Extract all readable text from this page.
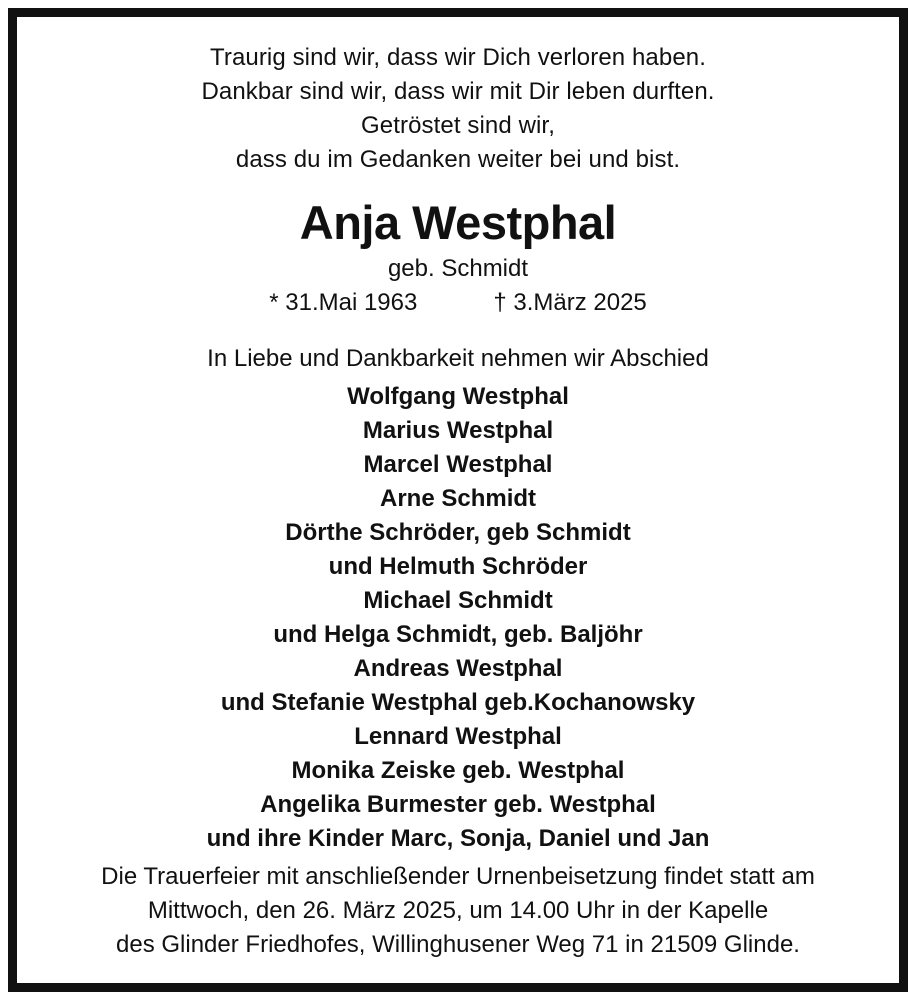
Traurig sind wir, dass wir Dich verloren haben.
Dankbar sind wir, dass wir mit Dir leben durften.
Getröstet sind wir,
dass du im Gedanken weiter bei und bist.
Anja Westphal
geb. Schmidt
* 31.Mai 1963	† 3.März 2025
In Liebe und Dankbarkeit nehmen wir Abschied
Wolfgang Westphal
Marius Westphal
Marcel Westphal
Arne Schmidt
Dörthe Schröder, geb Schmidt
und Helmuth Schröder
Michael Schmidt
und Helga Schmidt, geb. Baljöhr
Andreas Westphal
und Stefanie Westphal geb.Kochanowsky
Lennard Westphal
Monika Zeiske geb. Westphal
Angelika Burmester geb. Westphal
und ihre Kinder Marc, Sonja, Daniel und Jan
Die Trauerfeier mit anschließender Urnenbeisetzung findet statt am
Mittwoch, den 26. März 2025, um 14.00 Uhr in der Kapelle
des Glinder Friedhofes, Willinghusener Weg 71 in 21509 Glinde.
